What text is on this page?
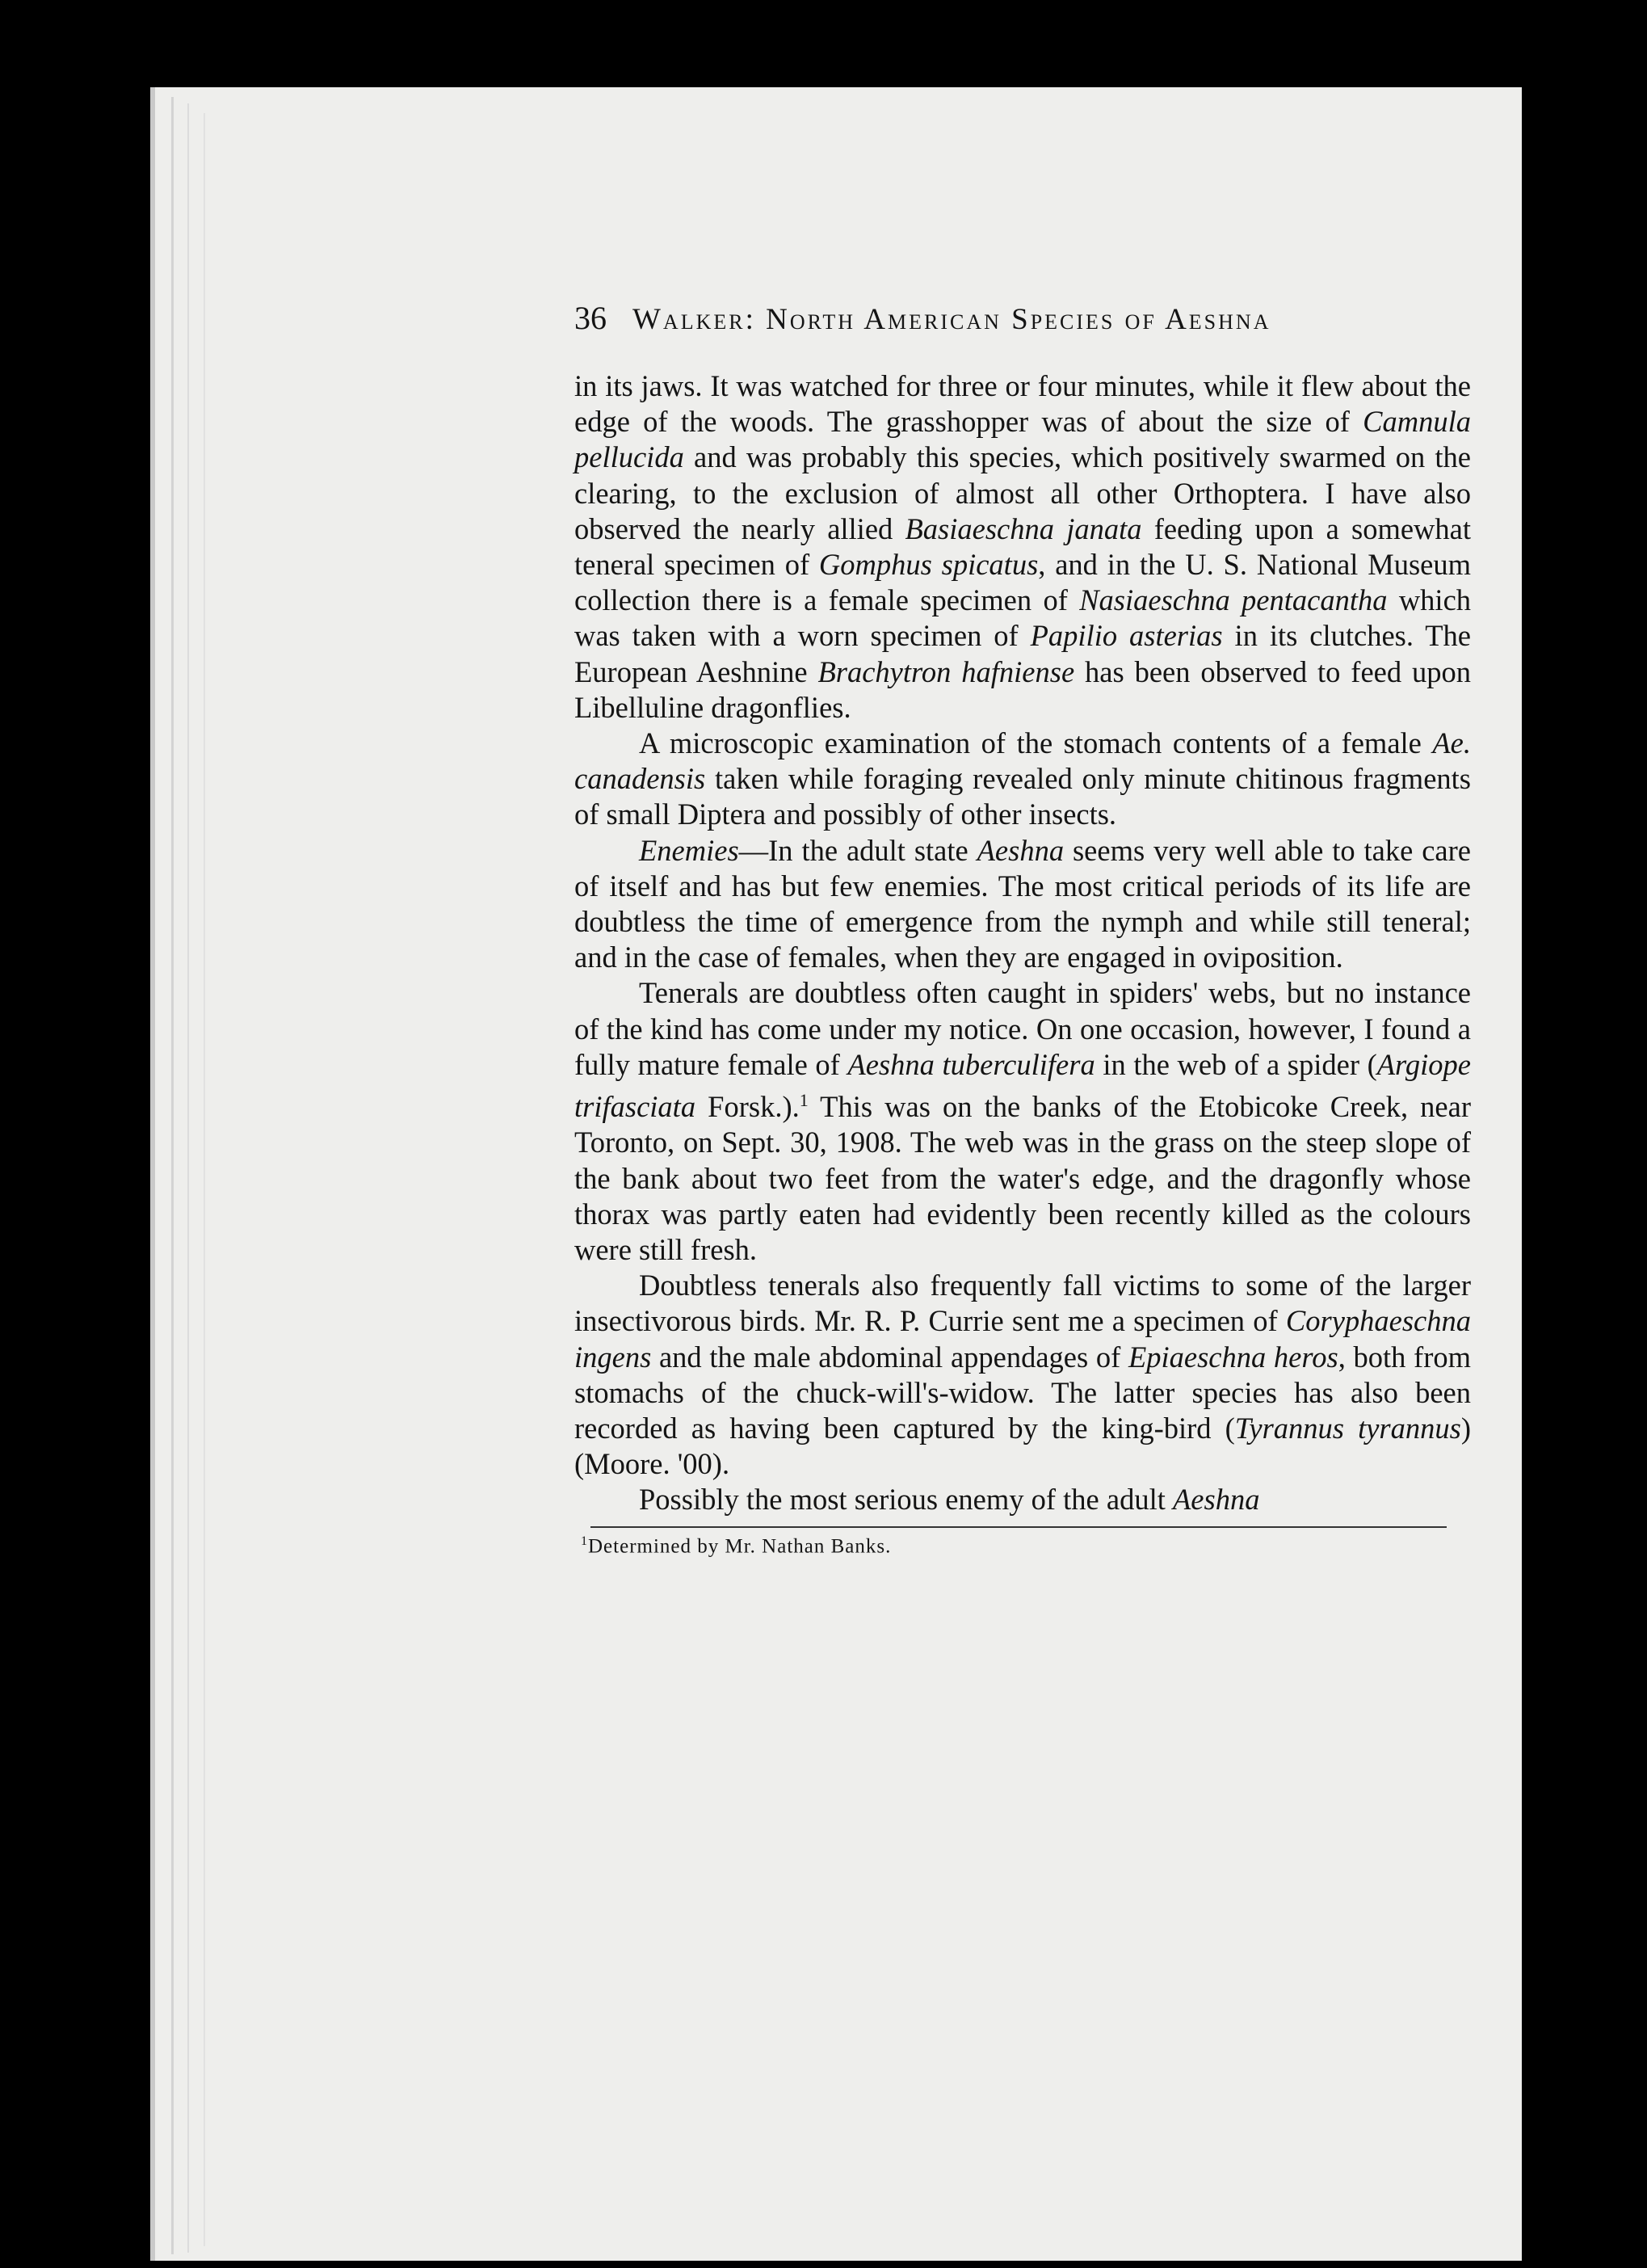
36 Walker: North American Species of Aeshna

in its jaws. It was watched for three or four minutes, while it flew about the edge of the woods. The grasshopper was of about the size of Camnula pellucida and was probably this species, which positively swarmed on the clearing, to the exclusion of almost all other Orthoptera. I have also observed the nearly allied Basiaeschna janata feeding upon a somewhat teneral specimen of Gomphus spicatus, and in the U. S. National Museum collection there is a female specimen of Nasiaeschna pentacantha which was taken with a worn specimen of Papilio asterias in its clutches. The European Aeshnine Brachytron hafniense has been observed to feed upon Libelluline dragonflies.

A microscopic examination of the stomach contents of a female Ae. canadensis taken while foraging revealed only minute chitinous fragments of small Diptera and possibly of other insects.

Enemies—In the adult state Aeshna seems very well able to take care of itself and has but few enemies. The most critical periods of its life are doubtless the time of emergence from the nymph and while still teneral; and in the case of females, when they are engaged in oviposition.

Tenerals are doubtless often caught in spiders' webs, but no instance of the kind has come under my notice. On one occasion, however, I found a fully mature female of Aeshna tuberculifera in the web of a spider (Argiope trifasciata Forsk.).$^1$ This was on the banks of the Etobicoke Creek, near Toronto, on Sept. 30, 1908. The web was in the grass on the steep slope of the bank about two feet from the water's edge, and the dragonfly whose thorax was partly eaten had evidently been recently killed as the colours were still fresh.

Doubtless tenerals also frequently fall victims to some of the larger insectivorous birds. Mr. R. P. Currie sent me a specimen of Coryphaeschna ingens and the male abdominal appendages of Epiaeschna heros, both from stomachs of the chuck-will's-widow. The latter species has also been recorded as having been captured by the king-bird (Tyrannus tyrannus) (Moore. '00).

Possibly the most serious enemy of the adult Aeshna

$^1$Determined by Mr. Nathan Banks.
